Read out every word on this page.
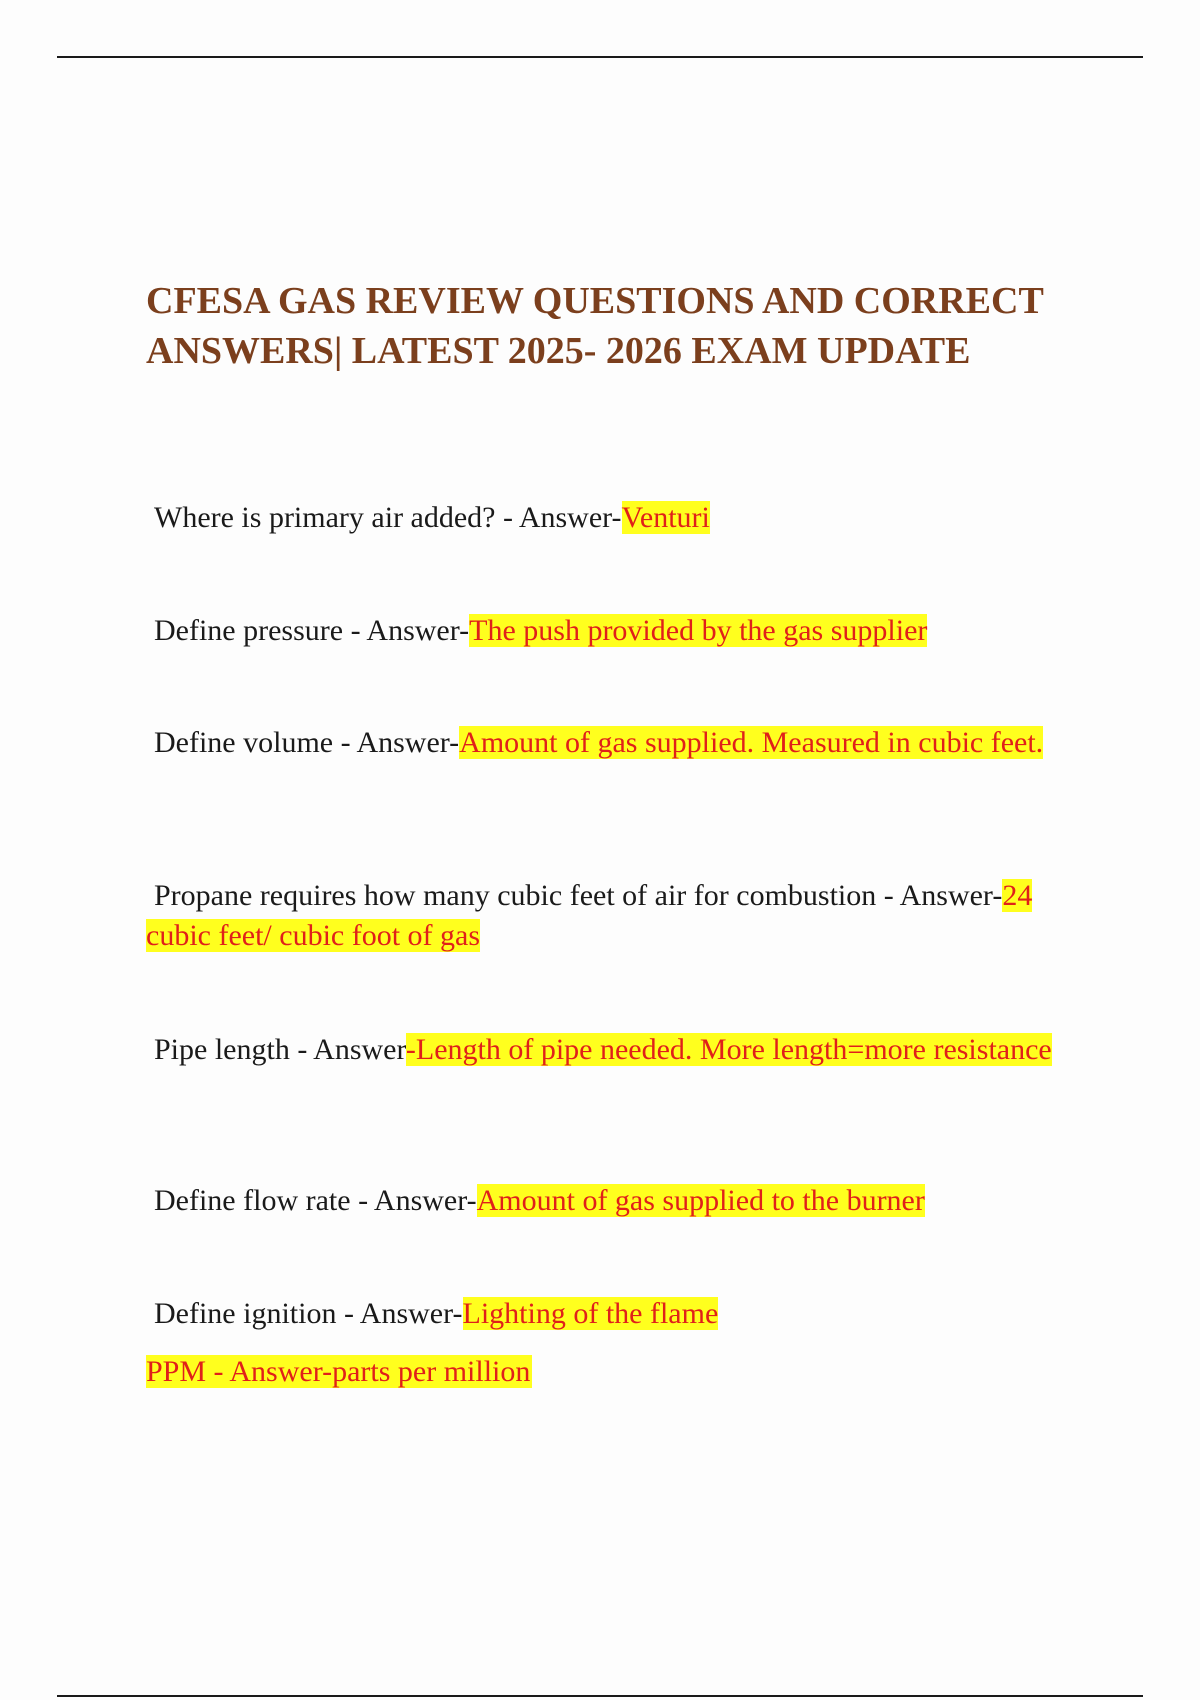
CFESA GAS REVIEW QUESTIONS AND CORRECT ANSWERS| LATEST 2025- 2026 EXAM UPDATE

Where is primary air added? - Answer-Venturi

Define pressure - Answer-The push provided by the gas supplier

Define volume - Answer-Amount of gas supplied. Measured in cubic feet.

Propane requires how many cubic feet of air for combustion - Answer-24 cubic feet/ cubic foot of gas

Pipe length - Answer-Length of pipe needed. More length=more resistance

Define flow rate - Answer-Amount of gas supplied to the burner

Define ignition - Answer-Lighting of the flame

PPM - Answer-parts per million
